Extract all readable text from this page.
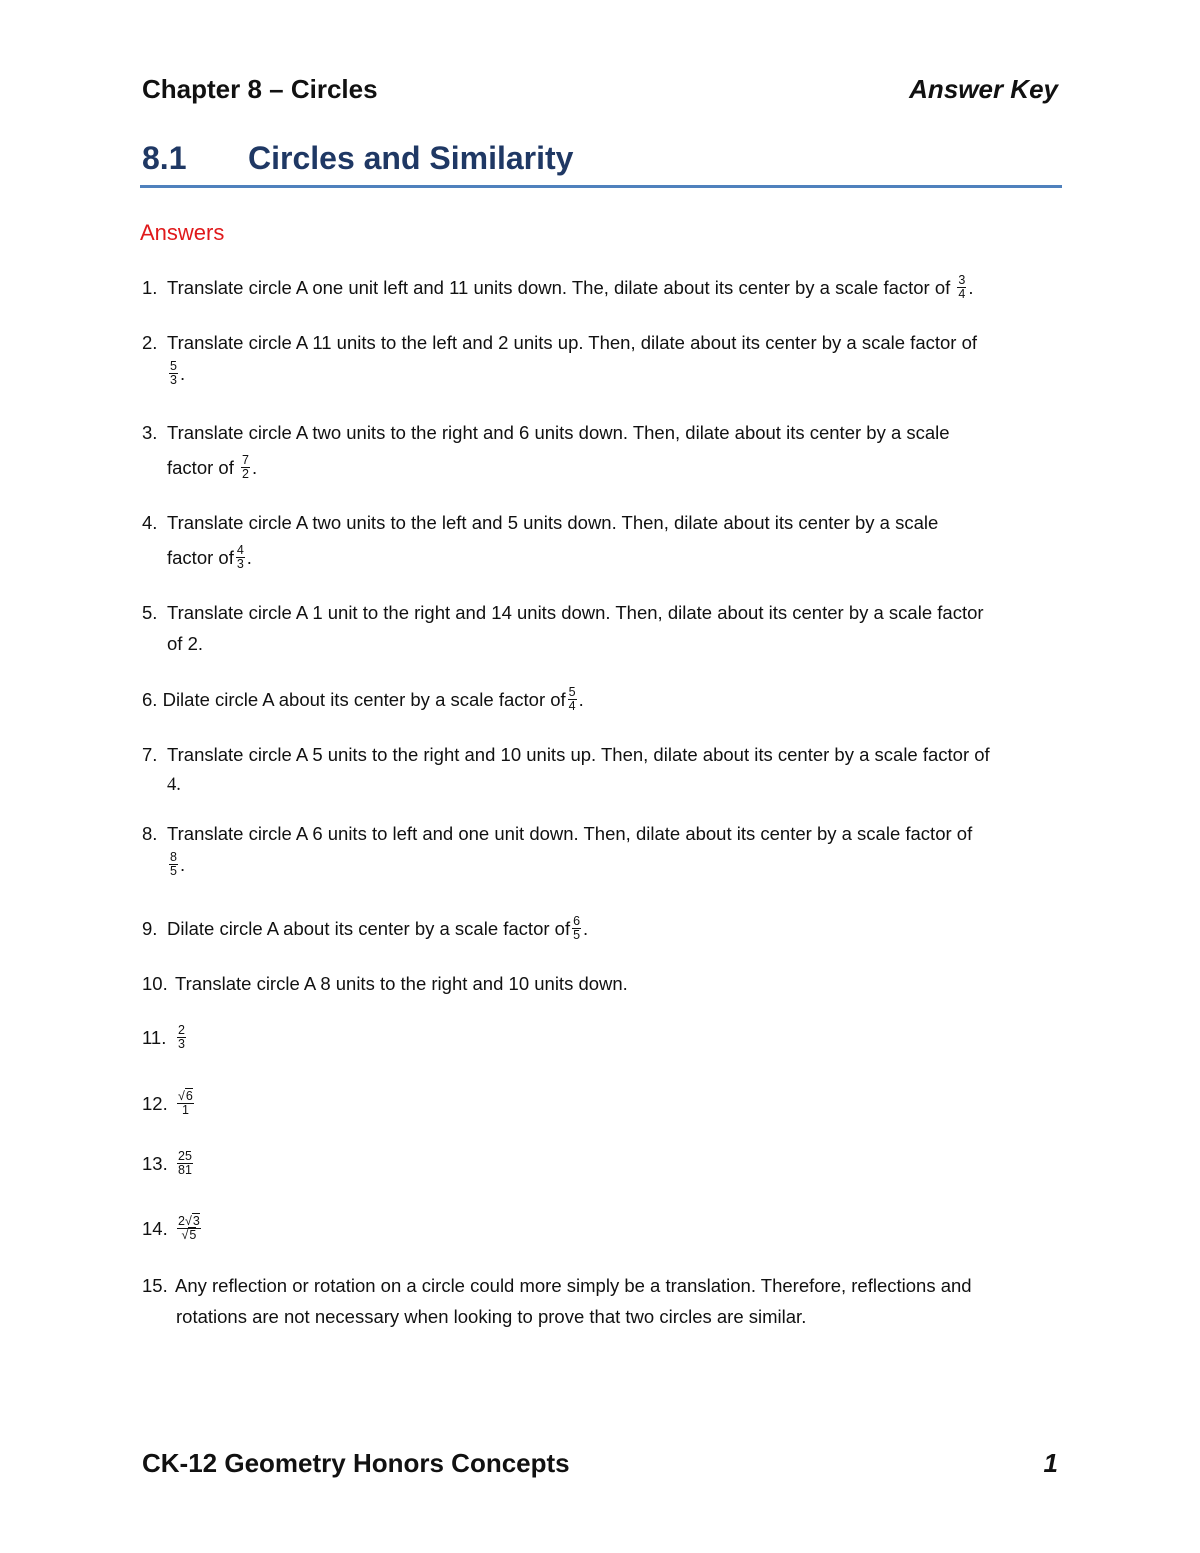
Chapter 8 – Circles	Answer Key
8.1 Circles and Similarity
Answers
1. Translate circle A one unit left and 11 units down. The, dilate about its center by a scale factor of $\frac{3}{4}$ .
2. Translate circle A 11 units to the left and 2 units up. Then, dilate about its center by a scale factor of
$\frac{5}{3}$ .
3. Translate circle A two units to the right and 6 units down. Then, dilate about its center by a scale
factor of $\frac{7}{2}$ .
4. Translate circle A two units to the left and 5 units down. Then, dilate about its center by a scale
factor of $\frac{4}{3}$ .
5. Translate circle A 1 unit to the right and 14 units down. Then, dilate about its center by a scale factor
of 2.
6. Dilate circle A about its center by a scale factor of $\frac{5}{4}$ .
7. Translate circle A 5 units to the right and 10 units up. Then, dilate about its center by a scale factor of
4.
8. Translate circle A 6 units to left and one unit down. Then, dilate about its center by a scale factor of
$\frac{8}{5}$ .
9. Dilate circle A about its center by a scale factor of $\frac{6}{5}$ .
10. Translate circle A 8 units to the right and 10 units down.
11. $\frac{2}{3}$
12. $\frac{√6}{1}$
13. $\frac{25}{81}$
14. $\frac{2√3}{√5}$
15. Any reflection or rotation on a circle could more simply be a translation. Therefore, reflections and
rotations are not necessary when looking to prove that two circles are similar.
CK-12 Geometry Honors Concepts	1
